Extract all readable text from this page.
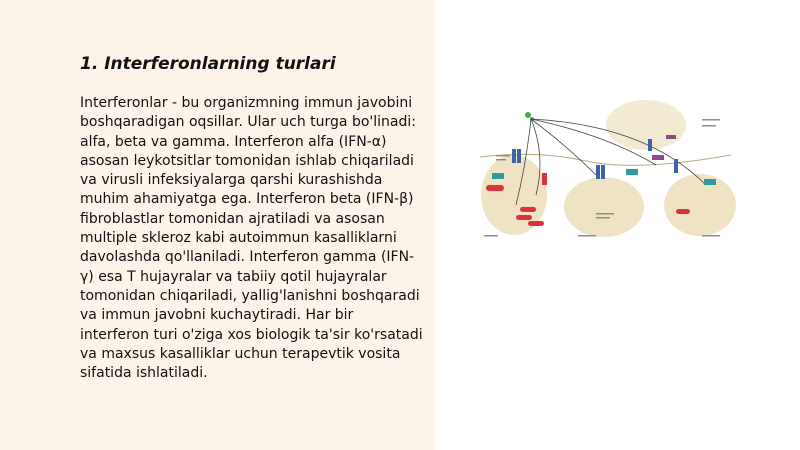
1. Interferonlarning turlari

Interferonlar - bu organizmning immun javobini boshqaradigan oqsillar. Ular uch turga bo'linadi: alfa, beta va gamma. Interferon alfa (IFN-α) asosan leykotsitlar tomonidan ishlab chiqariladi va virusli infeksiyalarga qarshi kurashishda muhim ahamiyatga ega. Interferon beta (IFN-β) fibroblastlar tomonidan ajratiladi va asosan multiple skleroz kabi autoimmun kasalliklarni davolashda qo'llaniladi. Interferon gamma (IFN-γ) esa T hujayralar va tabiiy qotil hujayralar tomonidan chiqariladi, yallig'lanishni boshqaradi va immun javobni kuchaytiradi. Har bir interferon turi o'ziga xos biologik ta'sir ko'rsatadi va maxsus kasalliklar uchun terapevtik vosita sifatida ishlatiladi.
